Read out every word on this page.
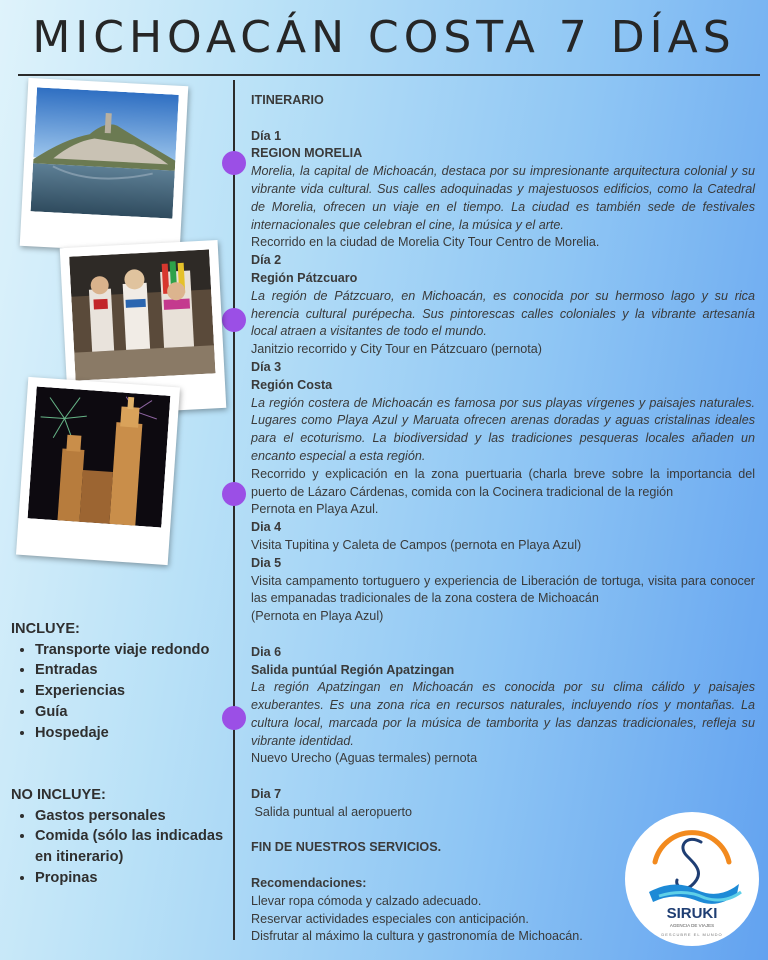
MICHOACÁN COSTA 7 DÍAS

ITINERARIO

Día 1

REGION MORELIA

Morelia, la capital de Michoacán, destaca por su impresionante arquitectura colonial y su vibrante vida cultural. Sus calles adoquinadas y majestuosos edificios, como la Catedral de Morelia, ofrecen un viaje en el tiempo. La ciudad es también sede de festivales internacionales que celebran el cine, la música y el arte.

Recorrido en la ciudad de Morelia City Tour Centro de Morelia.

Día 2

Región Pátzcuaro

La región de Pátzcuaro, en Michoacán, es conocida por su hermoso lago y su rica herencia cultural purépecha. Sus pintorescas calles coloniales y la vibrante artesanía local atraen a visitantes de todo el mundo.

Janitzio recorrido y City Tour en Pátzcuaro (pernota)

Día 3

Región Costa

La región costera de Michoacán es famosa por sus playas vírgenes y paisajes naturales. Lugares como Playa Azul y Maruata ofrecen arenas doradas y aguas cristalinas ideales para el ecoturismo. La biodiversidad y las tradiciones pesqueras locales añaden un encanto especial a esta región.

Recorrido y explicación en la zona puertuaria (charla breve sobre la importancia del puerto de Lázaro Cárdenas, comida con la Cocinera tradicional de la región

Pernota en Playa Azul.

Dia 4

Visita Tupitina y Caleta de Campos (pernota en Playa Azul)

Dia 5

Visita campamento tortuguero y experiencia de Liberación de tortuga, visita para conocer las empanadas tradicionales de la zona costera de Michoacán

(Pernota en Playa Azul)

Dia 6

Salida puntúal Región Apatzingan

La región Apatzingan en Michoacán es conocida por su clima cálido y paisajes exuberantes. Es una zona rica en recursos naturales, incluyendo ríos y montañas. La cultura local, marcada por la música de tamborita y las danzas tradicionales, refleja su vibrante identidad.

Nuevo Urecho (Aguas termales) pernota

Dia 7

Salida puntual al aeropuerto

FIN DE NUESTROS SERVICIOS.

Recomendaciones:

Llevar ropa cómoda y calzado adecuado.

Reservar actividades especiales con anticipación.

Disfrutar al máximo la cultura y gastronomía de Michoacán.

INCLUYE:
• Transporte viaje redondo
• Entradas
• Experiencias
• Guía
• Hospedaje
NO INCLUYE:
• Gastos personales
• Comida (sólo las indicadas en itinerario)
• Propinas
SIRUKI
AGENCIA DE VIAJES
DESCUBRE EL MUNDO
